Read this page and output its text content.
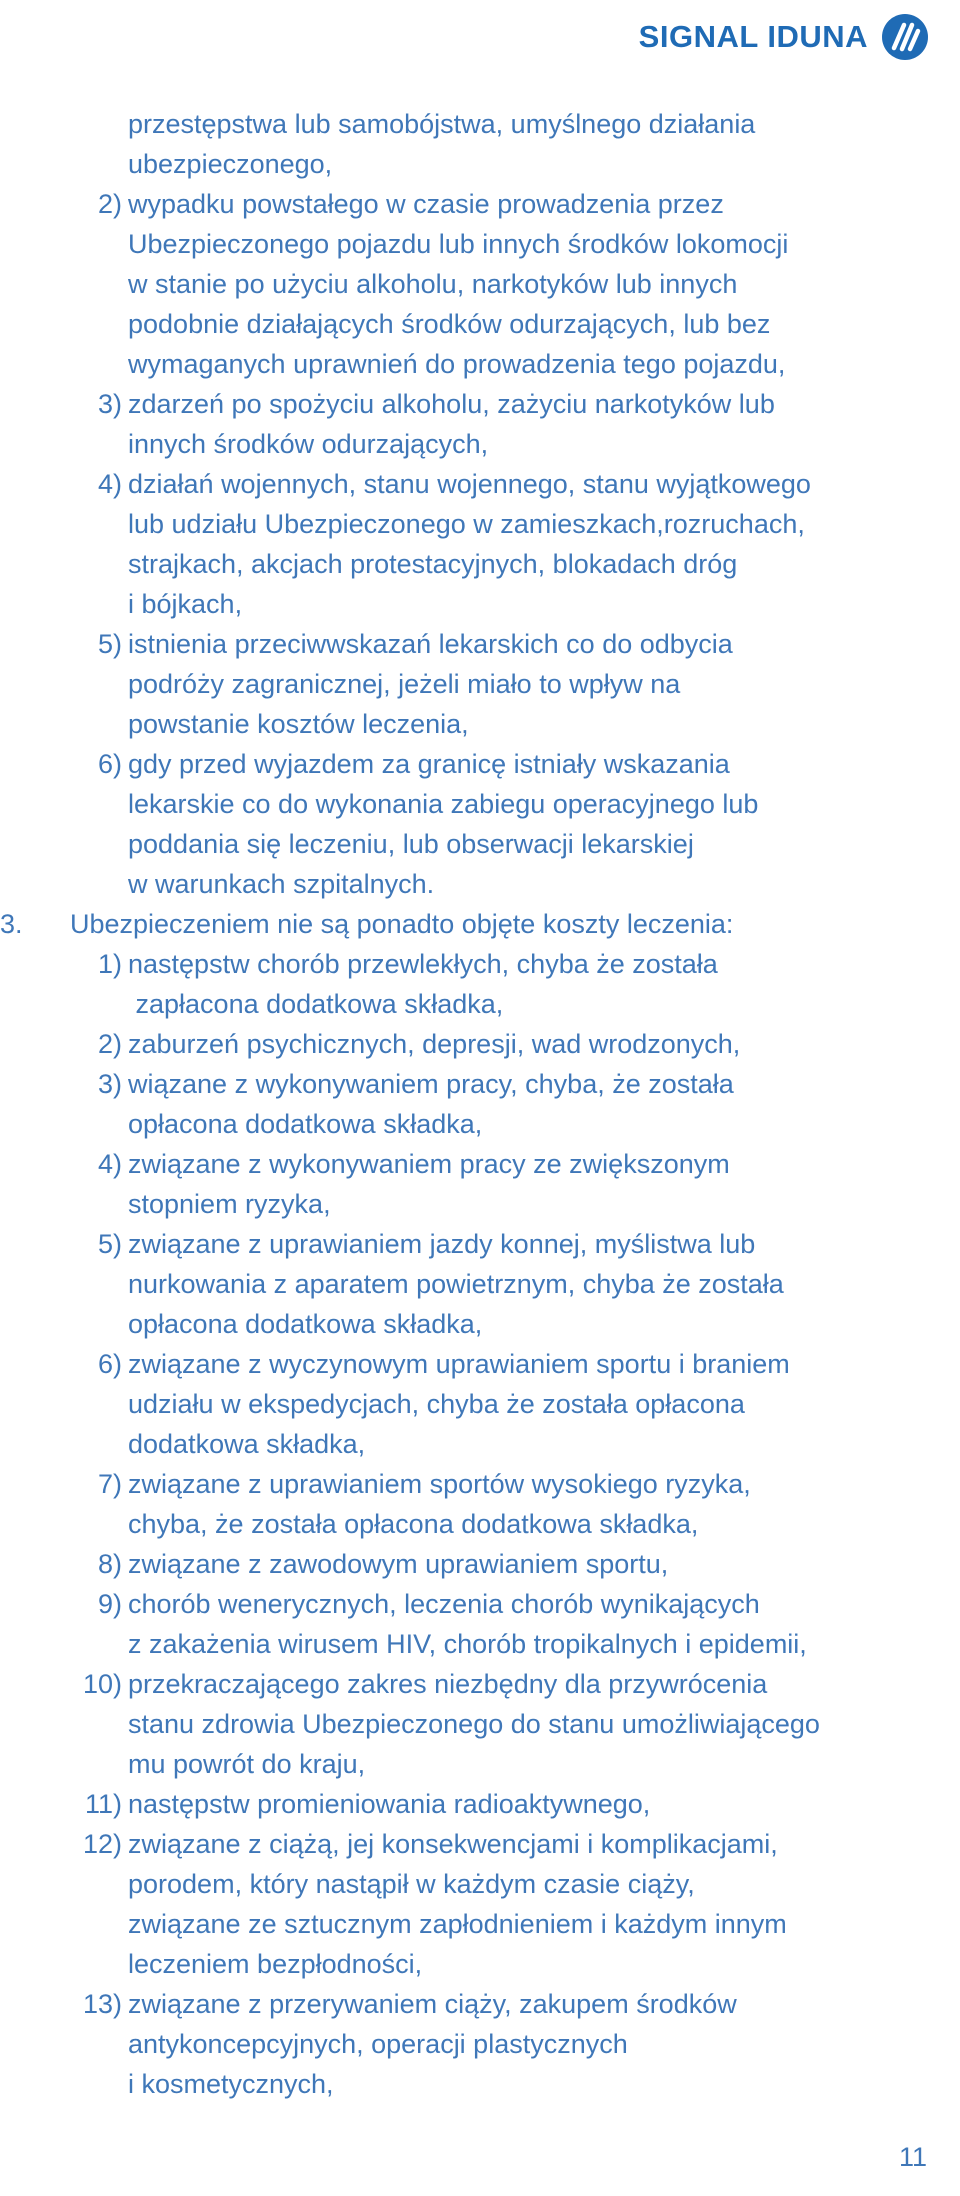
SIGNAL IDUNA
przestępstwa lub samobójstwa, umyślnego działania
ubezpieczonego,
2) wypadku powstałego w czasie prowadzenia przez
Ubezpieczonego pojazdu lub innych środków lokomocji
w stanie po użyciu alkoholu, narkotyków lub innych
podobnie działających środków odurzających, lub bez
wymaganych uprawnień do prowadzenia tego pojazdu,
3) zdarzeń po spożyciu alkoholu, zażyciu narkotyków lub
innych środków odurzających,
4) działań wojennych, stanu wojennego, stanu wyjątkowego
lub udziału Ubezpieczonego w zamieszkach,rozruchach,
strajkach, akcjach protestacyjnych, blokadach dróg
i bójkach,
5) istnienia przeciwwskazań lekarskich co do odbycia
podróży zagranicznej, jeżeli miało to wpływ na
powstanie kosztów leczenia,
6) gdy przed wyjazdem za granicę istniały wskazania
lekarskie co do wykonania zabiegu operacyjnego lub
poddania się leczeniu, lub obserwacji lekarskiej
w warunkach szpitalnych.
3.	Ubezpieczeniem nie są ponadto objęte koszty leczenia:
1) następstw chorób przewlekłych, chyba że została
zapłacona dodatkowa składka,
2) zaburzeń psychicznych, depresji, wad wrodzonych,
3) wiązane z wykonywaniem pracy, chyba, że została
opłacona dodatkowa składka,
4) związane z wykonywaniem pracy ze zwiększonym
stopniem ryzyka,
5) związane z uprawianiem jazdy konnej, myślistwa lub
nurkowania z aparatem powietrznym, chyba że została
opłacona dodatkowa składka,
6) związane z wyczynowym uprawianiem sportu i braniem
udziału w ekspedycjach, chyba że została opłacona
dodatkowa składka,
7) związane z uprawianiem sportów wysokiego ryzyka,
chyba, że została opłacona dodatkowa składka,
8) związane z zawodowym uprawianiem sportu,
9) chorób wenerycznych, leczenia chorób wynikających
z zakażenia wirusem HIV, chorób tropikalnych i epidemii,
10) przekraczającego zakres niezbędny dla przywrócenia
stanu zdrowia Ubezpieczonego do stanu umożliwiającego
mu powrót do kraju,
11) następstw promieniowania radioaktywnego,
12) związane z ciążą, jej konsekwencjami i komplikacjami,
porodem, który nastąpił w każdym czasie ciąży,
związane ze sztucznym zapłodnieniem i każdym innym
leczeniem bezpłodności,
13) związane z przerywaniem ciąży, zakupem środków
antykoncepcyjnych, operacji plastycznych
i kosmetycznych,
11
